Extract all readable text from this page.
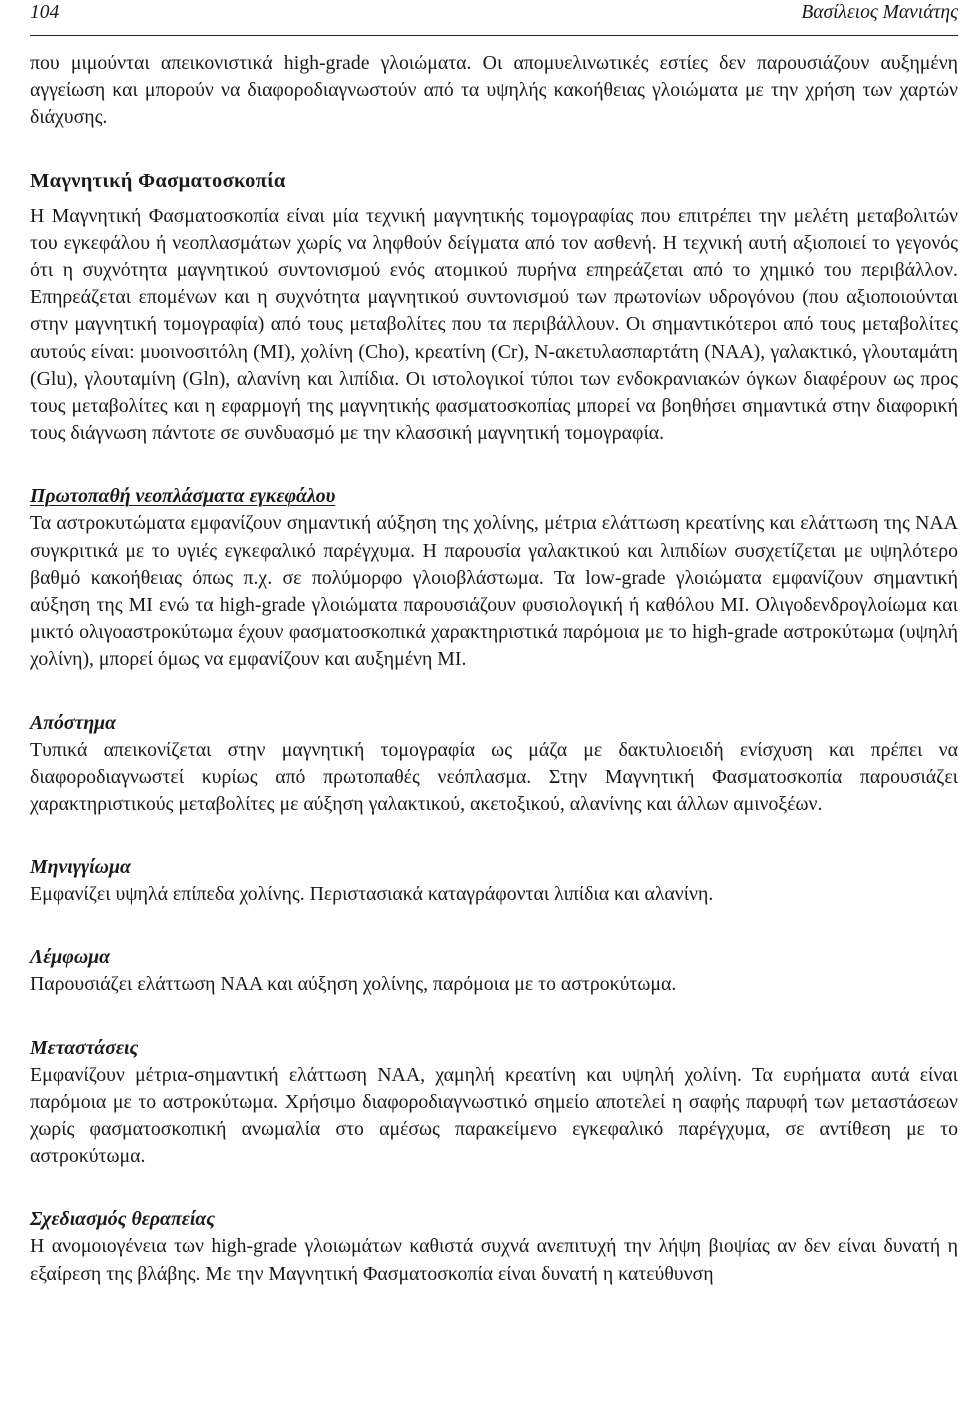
104	Βασίλειος Μανιάτης

που μιμούνται απεικονιστικά high-grade γλοιώματα. Οι απομυελινωτικές εστίες δεν παρουσιάζουν αυξημένη αγγείωση και μπορούν να διαφοροδιαγνωστούν από τα υψηλής κακοήθειας γλοιώματα με την χρήση των χαρτών διάχυσης.

Μαγνητική Φασματοσκοπία

Η Μαγνητική Φασματοσκοπία είναι μία τεχνική μαγνητικής τομογραφίας που επιτρέπει την μελέτη μεταβολιτών του εγκεφάλου ή νεοπλασμάτων χωρίς να ληφθούν δείγματα από τον ασθενή. Η τεχνική αυτή αξιοποιεί το γεγονός ότι η συχνότητα μαγνητικού συντονισμού ενός ατομικού πυρήνα επηρεάζεται από το χημικό του περιβάλλον. Επηρεάζεται επομένων και η συχνότητα μαγνητικού συντονισμού των πρωτονίων υδρογόνου (που αξιοποιούνται στην μαγνητική τομογραφία) από τους μεταβολίτες που τα περιβάλλουν. Οι σημαντικότεροι από τους μεταβολίτες αυτούς είναι: μυοινοσιτόλη (MI), χολίνη (Cho), κρεατίνη (Cr), N-ακετυλασπαρτάτη (NAA), γαλακτικό, γλουταμάτη (Glu), γλουταμίνη (Gln), αλανίνη και λιπίδια. Οι ιστολογικοί τύποι των ενδοκρανιακών όγκων διαφέρουν ως προς τους μεταβολίτες και η εφαρμογή της μαγνητικής φασματοσκοπίας μπορεί να βοηθήσει σημαντικά στην διαφορική τους διάγνωση πάντοτε σε συνδυασμό με την κλασσική μαγνητική τομογραφία.

Πρωτοπαθή νεοπλάσματα εγκεφάλου

Τα αστροκυτώματα εμφανίζουν σημαντική αύξηση της χολίνης, μέτρια ελάττωση κρεατίνης και ελάττωση της NAA συγκριτικά με το υγιές εγκεφαλικό παρέγχυμα. Η παρουσία γαλακτικού και λιπιδίων συσχετίζεται με υψηλότερο βαθμό κακοήθειας όπως π.χ. σε πολύμορφο γλοιοβλάστωμα. Τα low-grade γλοιώματα εμφανίζουν σημαντική αύξηση της MI ενώ τα high-grade γλοιώματα παρουσιάζουν φυσιολογική ή καθόλου MI. Ολιγοδενδρογλοίωμα και μικτό ολιγοαστροκύτωμα έχουν φασματοσκοπικά χαρακτηριστικά παρόμοια με το high-grade αστροκύτωμα (υψηλή χολίνη), μπορεί όμως να εμφανίζουν και αυξημένη MI.

Απόστημα

Τυπικά απεικονίζεται στην μαγνητική τομογραφία ως μάζα με δακτυλιοειδή ενίσχυση και πρέπει να διαφοροδιαγνωστεί κυρίως από πρωτοπαθές νεόπλασμα. Στην Μαγνητική Φασματοσκοπία παρουσιάζει χαρακτηριστικούς μεταβολίτες με αύξηση γαλακτικού, ακετοξικού, αλανίνης και άλλων αμινοξέων.

Μηνιγγίωμα

Εμφανίζει υψηλά επίπεδα χολίνης. Περιστασιακά καταγράφονται λιπίδια και αλανίνη.

Λέμφωμα

Παρουσιάζει ελάττωση NAA και αύξηση χολίνης, παρόμοια με το αστροκύτωμα.

Μεταστάσεις

Εμφανίζουν μέτρια-σημαντική ελάττωση NAA, χαμηλή κρεατίνη και υψηλή χολίνη. Τα ευρήματα αυτά είναι παρόμοια με το αστροκύτωμα. Χρήσιμο διαφοροδιαγνωστικό σημείο αποτελεί η σαφής παρυφή των μεταστάσεων χωρίς φασματοσκοπική ανωμαλία στο αμέσως παρακείμενο εγκεφαλικό παρέγχυμα, σε αντίθεση με το αστροκύτωμα.

Σχεδιασμός θεραπείας

Η ανομοιογένεια των high-grade γλοιωμάτων καθιστά συχνά ανεπιτυχή την λήψη βιοψίας αν δεν είναι δυνατή η εξαίρεση της βλάβης. Με την Μαγνητική Φασματοσκοπία είναι δυνατή η κατεύθυνση
